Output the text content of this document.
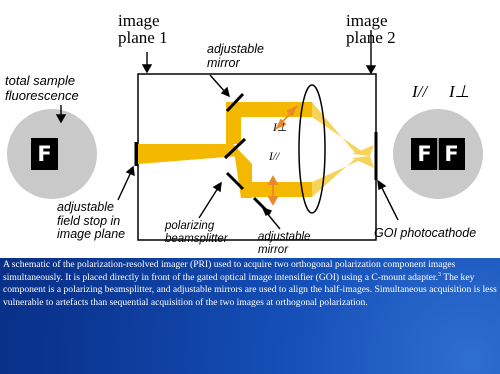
image
plane 1
image
plane 2
adjustable
mirror
total sample
fluorescence
adjustable
field stop in
image plane
polarizing
beamsplitter	adjustable
mirror
GOI photocathode
F	F F
I// I⊥
I⊥
I//
A schematic of the polarization-resolved imager (PRI) used to acquire two orthogonal polarization component images simultaneously. It is placed directly in front of the gated optical image intensifier (GOI) using a C-mount adapter.$^3$ The key component is a polarizing beamsplitter, and adjustable mirrors are used to align the half-images. Simultaneous acquisition is less vulnerable to artefacts than sequential acquisition of the two images at orthogonal polarization.
